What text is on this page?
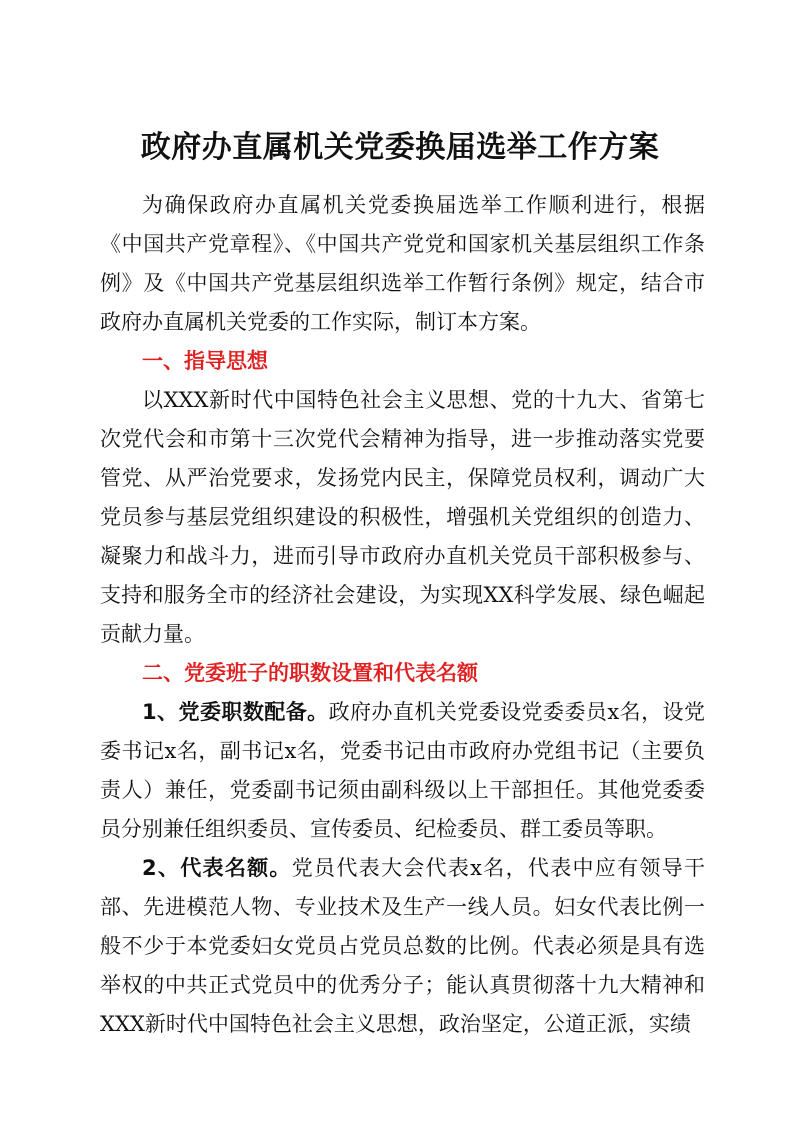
政府办直属机关党委换届选举工作方案

为确保政府办直属机关党委换届选举工作顺利进行，根据《中国共产党章程》、《中国共产党党和国家机关基层组织工作条例》及《中国共产党基层组织选举工作暂行条例》规定，结合市政府办直属机关党委的工作实际，制订本方案。

一、指导思想

以XXX新时代中国特色社会主义思想、党的十九大、省第七次党代会和市第十三次党代会精神为指导，进一步推动落实党要管党、从严治党要求，发扬党内民主，保障党员权利，调动广大党员参与基层党组织建设的积极性，增强机关党组织的创造力、凝聚力和战斗力，进而引导市政府办直机关党员干部积极参与、支持和服务全市的经济社会建设，为实现XX科学发展、绿色崛起贡献力量。

二、党委班子的职数设置和代表名额

1、党委职数配备。政府办直机关党委设党委委员x名，设党委书记x名，副书记x名，党委书记由市政府办党组书记（主要负责人）兼任，党委副书记须由副科级以上干部担任。其他党委委员分别兼任组织委员、宣传委员、纪检委员、群工委员等职。

2、代表名额。党员代表大会代表x名，代表中应有领导干部、先进模范人物、专业技术及生产一线人员。妇女代表比例一般不少于本党委妇女党员占党员总数的比例。代表必须是具有选举权的中共正式党员中的优秀分子；能认真贯彻落十九大精神和XXX新时代中国特色社会主义思想，政治坚定，公道正派，实绩
